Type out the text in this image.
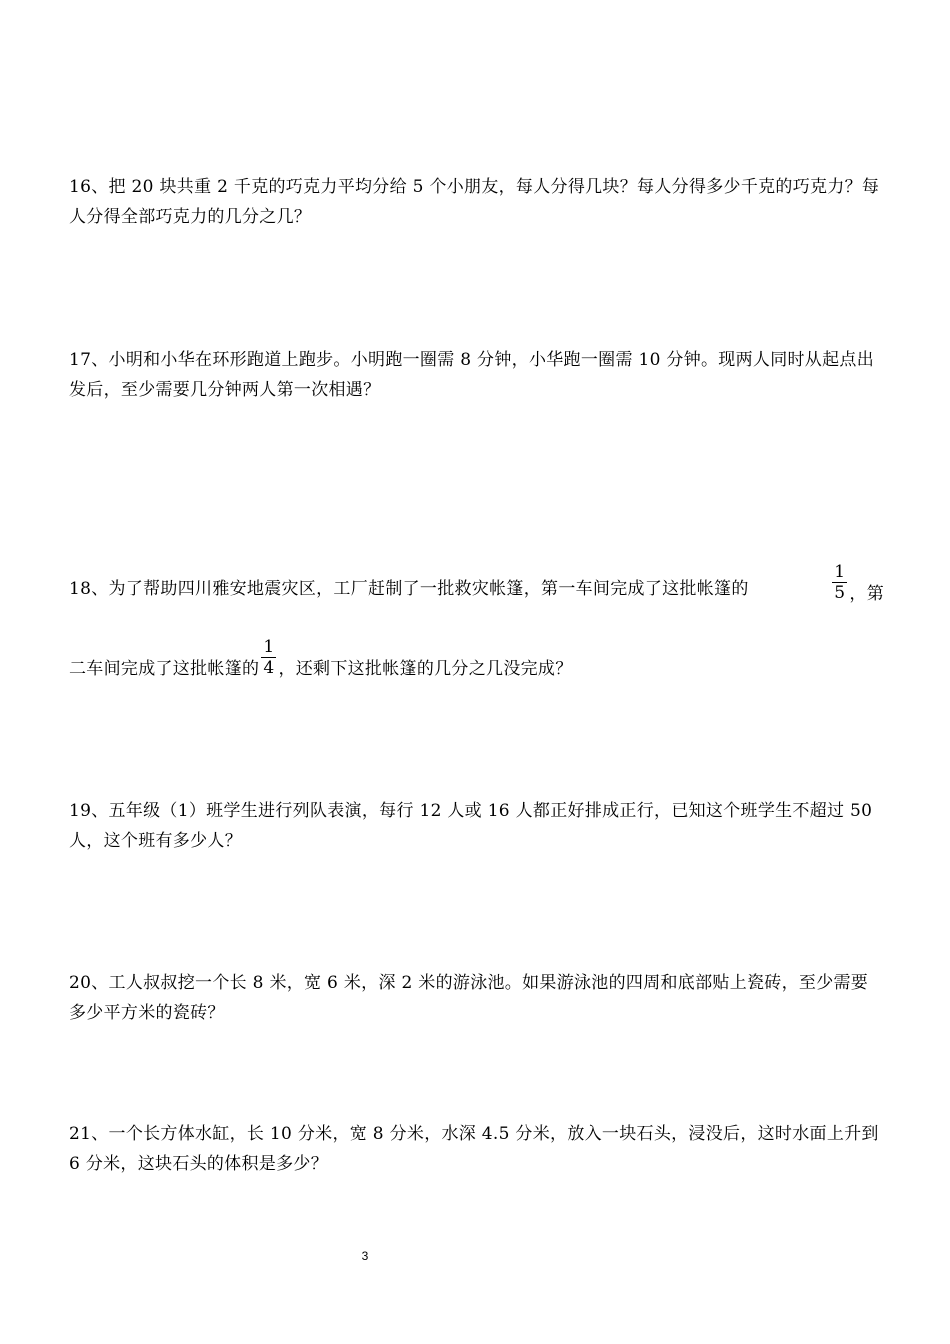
16、把 20 块共重 2 千克的巧克力平均分给 5 个小朋友，每人分得几块？每人分得多少千克的巧克力？每人分得全部巧克力的几分之几？

17、小明和小华在环形跑道上跑步。小明跑一圈需 8 分钟，小华跑一圈需 10 分钟。现两人同时从起点出发后，至少需要几分钟两人第一次相遇？

18、为了帮助四川雅安地震灾区，工厂赶制了一批救灾帐篷，第一车间完成了这批帐篷的	$\frac{1}{5}$ ，第
二车间完成了这批帐篷的 $\frac{1}{4}$ ，还剩下这批帐篷的几分之几没完成？

19、五年级（1）班学生进行列队表演，每行 12 人或 16 人都正好排成正行，已知这个班学生不超过 50 人，这个班有多少人？

20、工人叔叔挖一个长 8 米，宽 6 米，深 2 米的游泳池。如果游泳池的四周和底部贴上瓷砖，至少需要多少平方米的瓷砖？

21、一个长方体水缸，长 10 分米，宽 8 分米，水深 4.5 分米，放入一块石头，浸没后，这时水面上升到 6 分米，这块石头的体积是多少？

3
